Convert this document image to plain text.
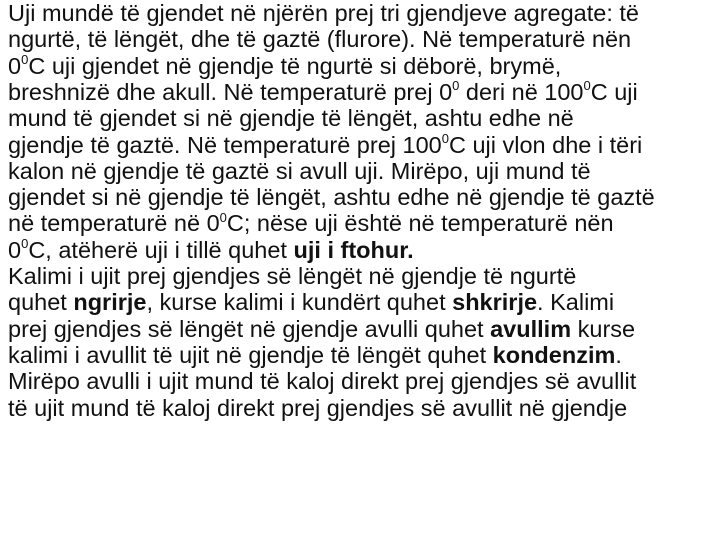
Uji mundë të gjendet në njërën prej tri gjendjeve agregate: të
ngurtë, të lëngët, dhe të gaztë (flurore). Në temperaturë nën
$0^0C$ uji gjendet në gjendje të ngurtë si dëborë, brymë,
breshnizë dhe akull. Në temperaturë prej $0^0$ deri në $100^0C$ uji
mund të gjendet si në gjendje të lëngët, ashtu edhe në
gjendje të gaztë. Në temperaturë prej $100^0C$ uji vlon dhe i tëri
kalon në gjendje të gaztë si avull uji. Mirëpo, uji mund të
gjendet si në gjendje të lëngët, ashtu edhe në gjendje të gaztë
në temperaturë në $0^0C$; nëse uji është në temperaturë nën
$0^0C$, atëherë uji i tillë quhet uji i ftohur.
Kalimi i ujit prej gjendjes së lëngët në gjendje të ngurtë
quhet ngrirje, kurse kalimi i kundërt quhet shkrirje. Kalimi
prej gjendjes së lëngët në gjendje avulli quhet avullim kurse
kalimi i avullit të ujit në gjendje të lëngët quhet kondenzim.
Mirëpo avulli i ujit mund të kaloj direkt prej gjendjes së avullit
të ujit mund të kaloj direkt prej gjendjes së avullit në gjendje
